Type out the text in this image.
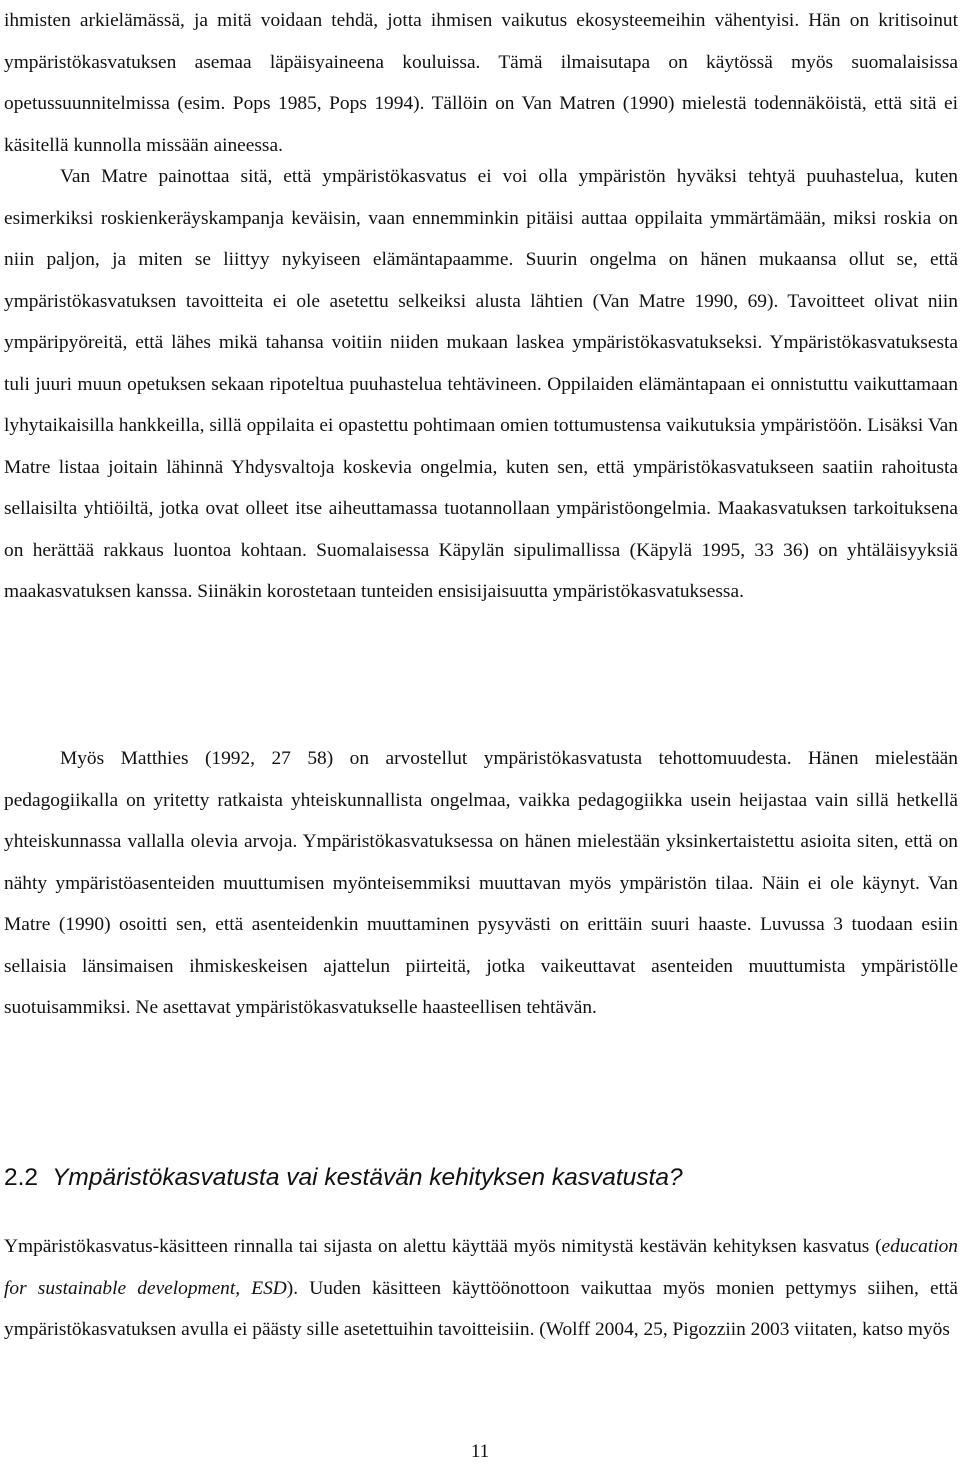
ihmisten arkielämässä, ja mitä voidaan tehdä, jotta ihmisen vaikutus ekosysteemeihin vähentyisi. Hän on kritisoinut ympäristökasvatuksen asemaa läpäisyaineena kouluissa. Tämä ilmaisutapa on käytössä myös suomalaisissa opetussuunnitelmissa (esim. Pops 1985, Pops 1994). Tällöin on Van Matren (1990) mielestä todennäköistä, että sitä ei käsitellä kunnolla missään aineessa.

Van Matre painottaa sitä, että ympäristökasvatus ei voi olla ympäristön hyväksi tehtyä puuhastelua, kuten esimerkiksi roskienkeräyskampanja keväisin, vaan ennemminkin pitäisi auttaa oppilaita ymmärtämään, miksi roskia on niin paljon, ja miten se liittyy nykyiseen elämäntapaamme. Suurin ongelma on hänen mukaansa ollut se, että ympäristökasvatuksen tavoitteita ei ole asetettu selkeiksi alusta lähtien (Van Matre 1990, 69). Tavoitteet olivat niin ympäripyöreitä, että lähes mikä tahansa voitiin niiden mukaan laskea ympäristökasvatukseksi. Ympäristökasvatuksesta tuli juuri muun opetuksen sekaan ripoteltua puuhastelua tehtävineen. Oppilaiden elämäntapaan ei onnistuttu vaikuttamaan lyhytaikaisilla hankkeilla, sillä oppilaita ei opastettu pohtimaan omien tottumustensa vaikutuksia ympäristöön. Lisäksi Van Matre listaa joitain lähinnä Yhdysvaltoja koskevia ongelmia, kuten sen, että ympäristökasvatukseen saatiin rahoitusta sellaisilta yhtiöiltä, jotka ovat olleet itse aiheuttamassa tuotannollaan ympäristöongelmia. Maakasvatuksen tarkoituksena on herättää rakkaus luontoa kohtaan. Suomalaisessa Käpylän sipulimallissa (Käpylä 1995, 33 36) on yhtäläisyyksiä maakasvatuksen kanssa. Siinäkin korostetaan tunteiden ensisijaisuutta ympäristökasvatuksessa.

Myös Matthies (1992, 27 58) on arvostellut ympäristökasvatusta tehottomuudesta. Hänen mielestään pedagogiikalla on yritetty ratkaista yhteiskunnallista ongelmaa, vaikka pedagogiikka usein heijastaa vain sillä hetkellä yhteiskunnassa vallalla olevia arvoja. Ympäristökasvatuksessa on hänen mielestään yksinkertaistettu asioita siten, että on nähty ympäristöasenteiden muuttumisen myönteisemmiksi muuttavan myös ympäristön tilaa. Näin ei ole käynyt. Van Matre (1990) osoitti sen, että asenteidenkin muuttaminen pysyvästi on erittäin suuri haaste. Luvussa 3 tuodaan esiin sellaisia länsimaisen ihmiskeskeisen ajattelun piirteitä, jotka vaikeuttavat asenteiden muuttumista ympäristölle suotuisammiksi. Ne asettavat ympäristökasvatukselle haasteellisen tehtävän.

2.2 Ympäristökasvatusta vai kestävän kehityksen kasvatusta?

Ympäristökasvatus-käsitteen rinnalla tai sijasta on alettu käyttää myös nimitystä kestävän kehityksen kasvatus (education for sustainable development, ESD). Uuden käsitteen käyttöönottoon vaikuttaa myös monien pettymys siihen, että ympäristökasvatuksen avulla ei päästy sille asetettuihin tavoitteisiin. (Wolff 2004, 25, Pigozziin 2003 viitaten, katso myös

11
